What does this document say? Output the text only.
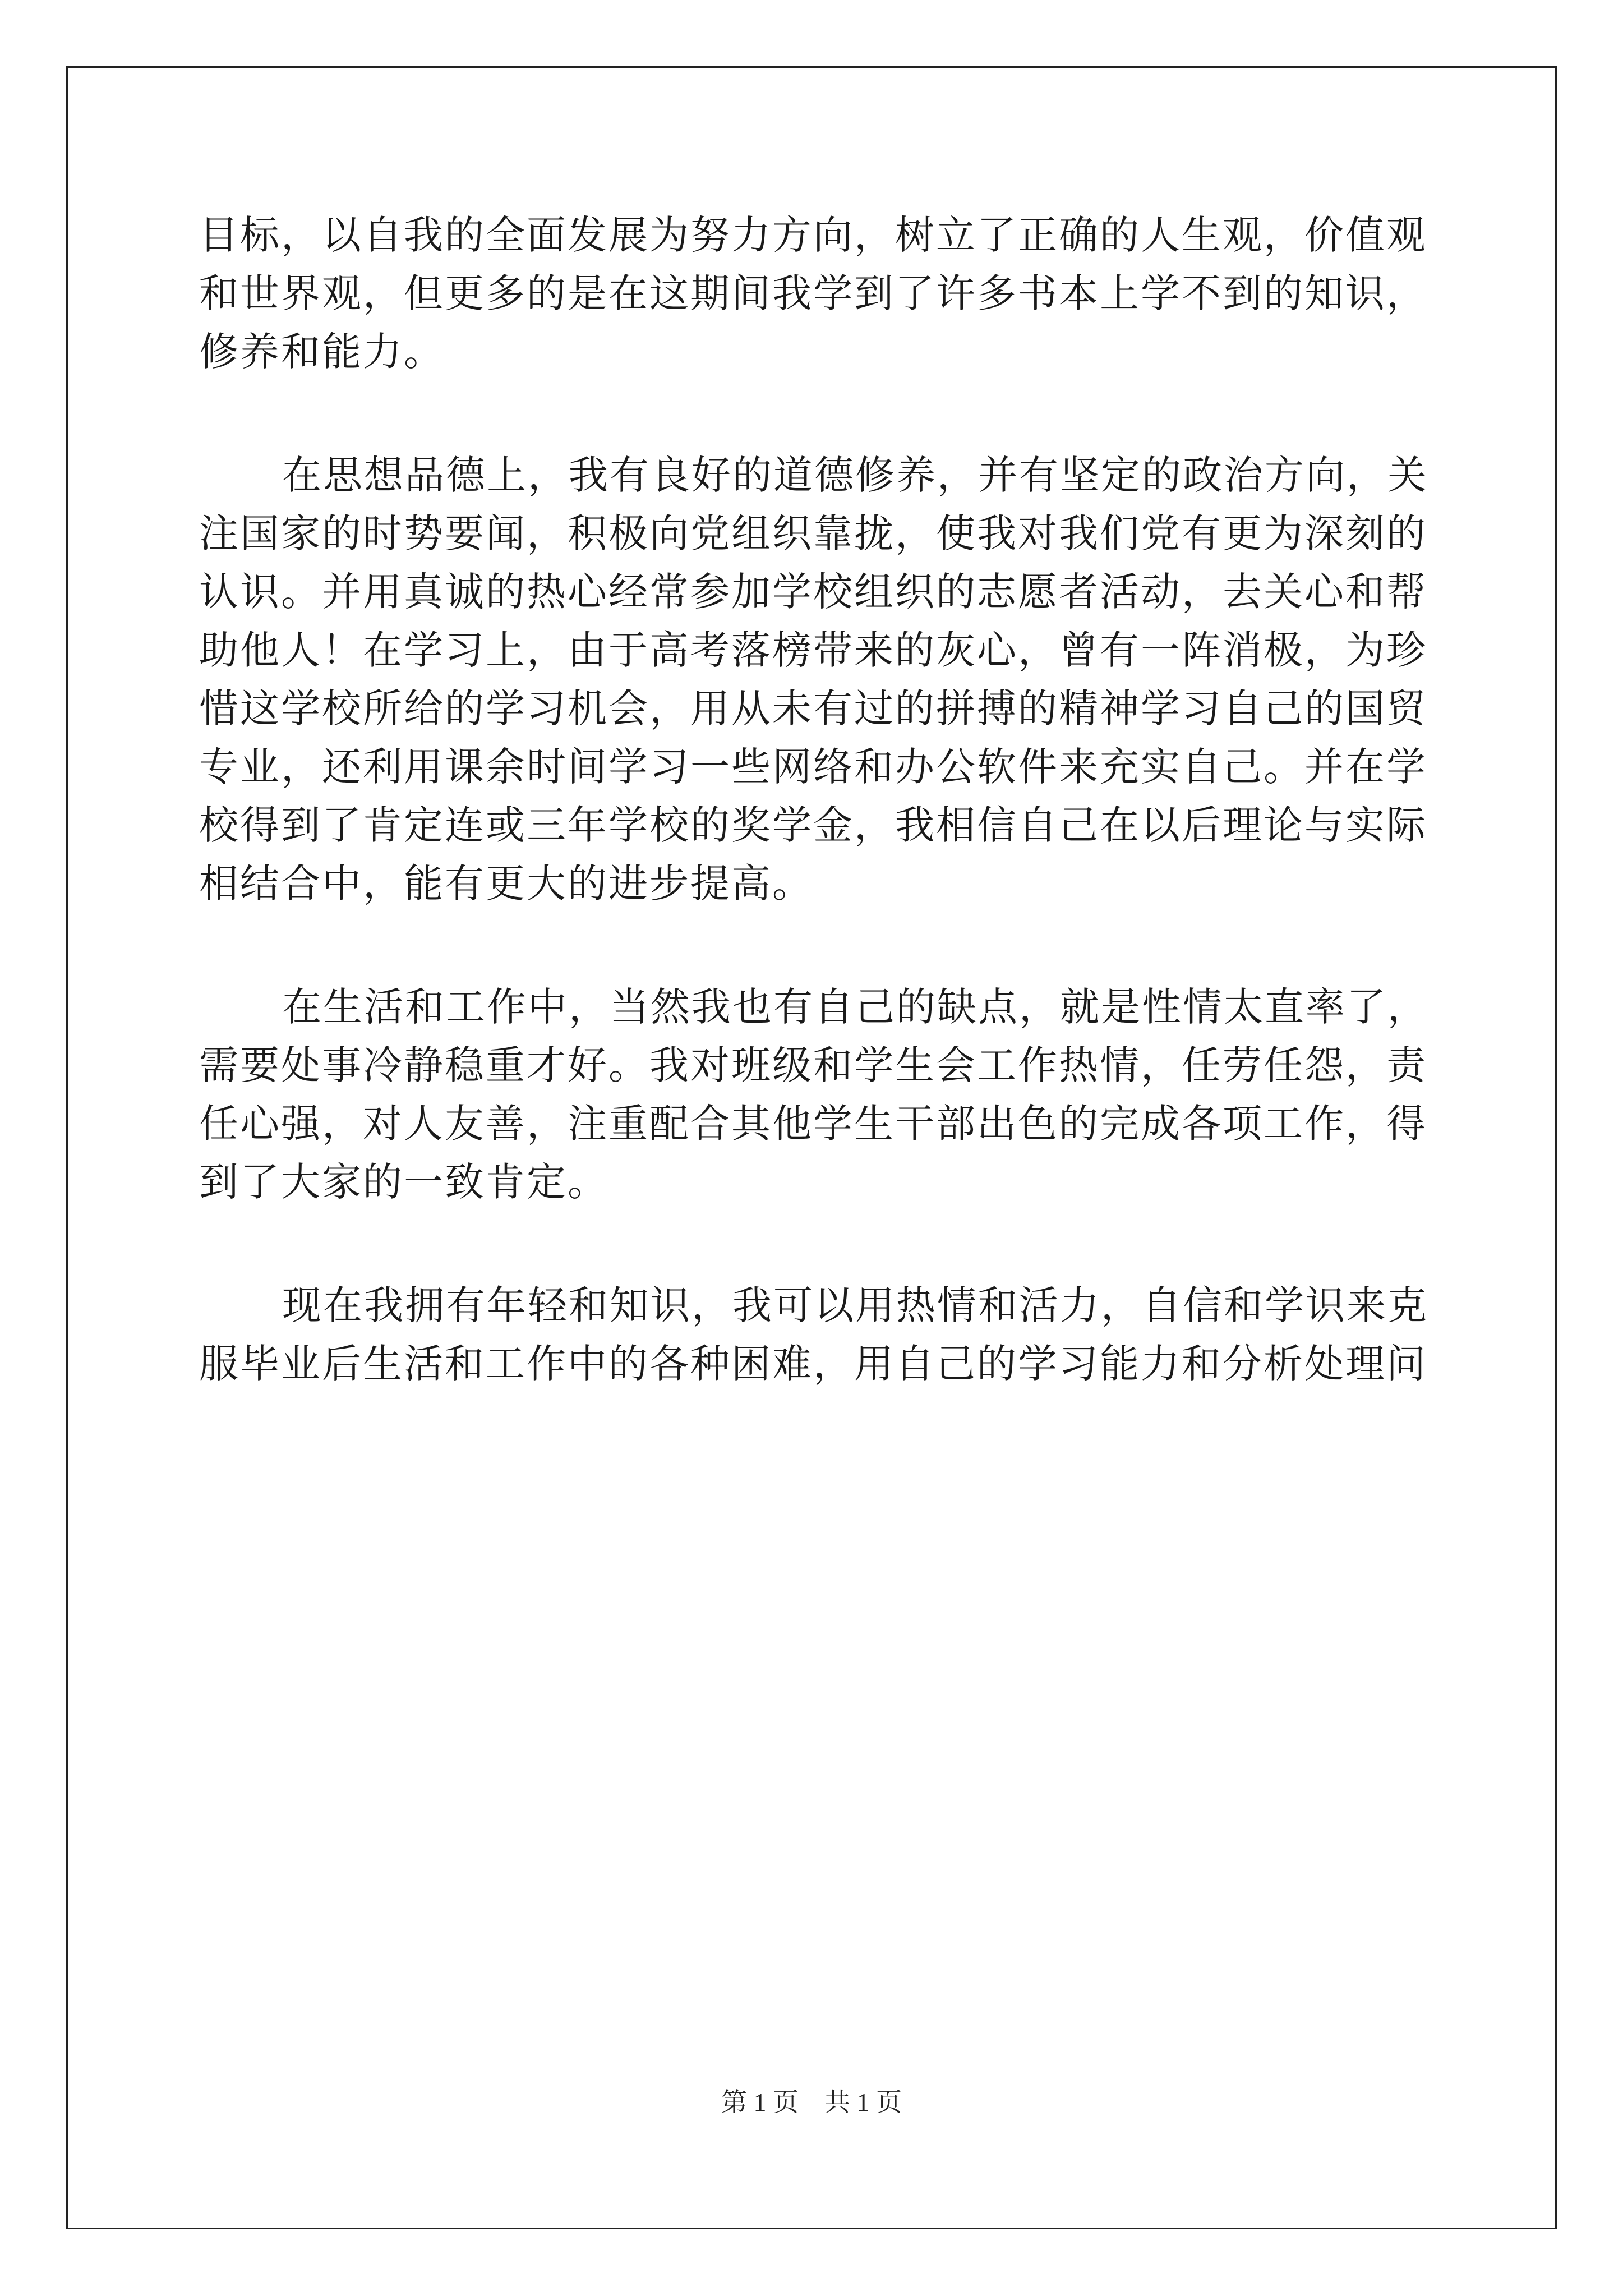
目标，以自我的全面发展为努力方向，树立了正确的人生观，价值观
和世界观，但更多的是在这期间我学到了许多书本上学不到的知识，
修养和能力。
在思想品德上，我有良好的道德修养，并有坚定的政治方向，关
注国家的时势要闻，积极向党组织靠拢，使我对我们党有更为深刻的
认识。并用真诚的热心经常参加学校组织的志愿者活动，去关心和帮
助他人！在学习上，由于高考落榜带来的灰心，曾有一阵消极，为珍
惜这学校所给的学习机会，用从未有过的拼搏的精神学习自己的国贸
专业，还利用课余时间学习一些网络和办公软件来充实自己。并在学
校得到了肯定连或三年学校的奖学金，我相信自己在以后理论与实际
相结合中，能有更大的进步提高。
在生活和工作中，当然我也有自己的缺点，就是性情太直率了，
需要处事冷静稳重才好。我对班级和学生会工作热情，任劳任怨，责
任心强，对人友善，注重配合其他学生干部出色的完成各项工作，得
到了大家的一致肯定。
现在我拥有年轻和知识，我可以用热情和活力，自信和学识来克
服毕业后生活和工作中的各种困难，用自己的学习能力和分析处理问
第 1 页　共 1 页
